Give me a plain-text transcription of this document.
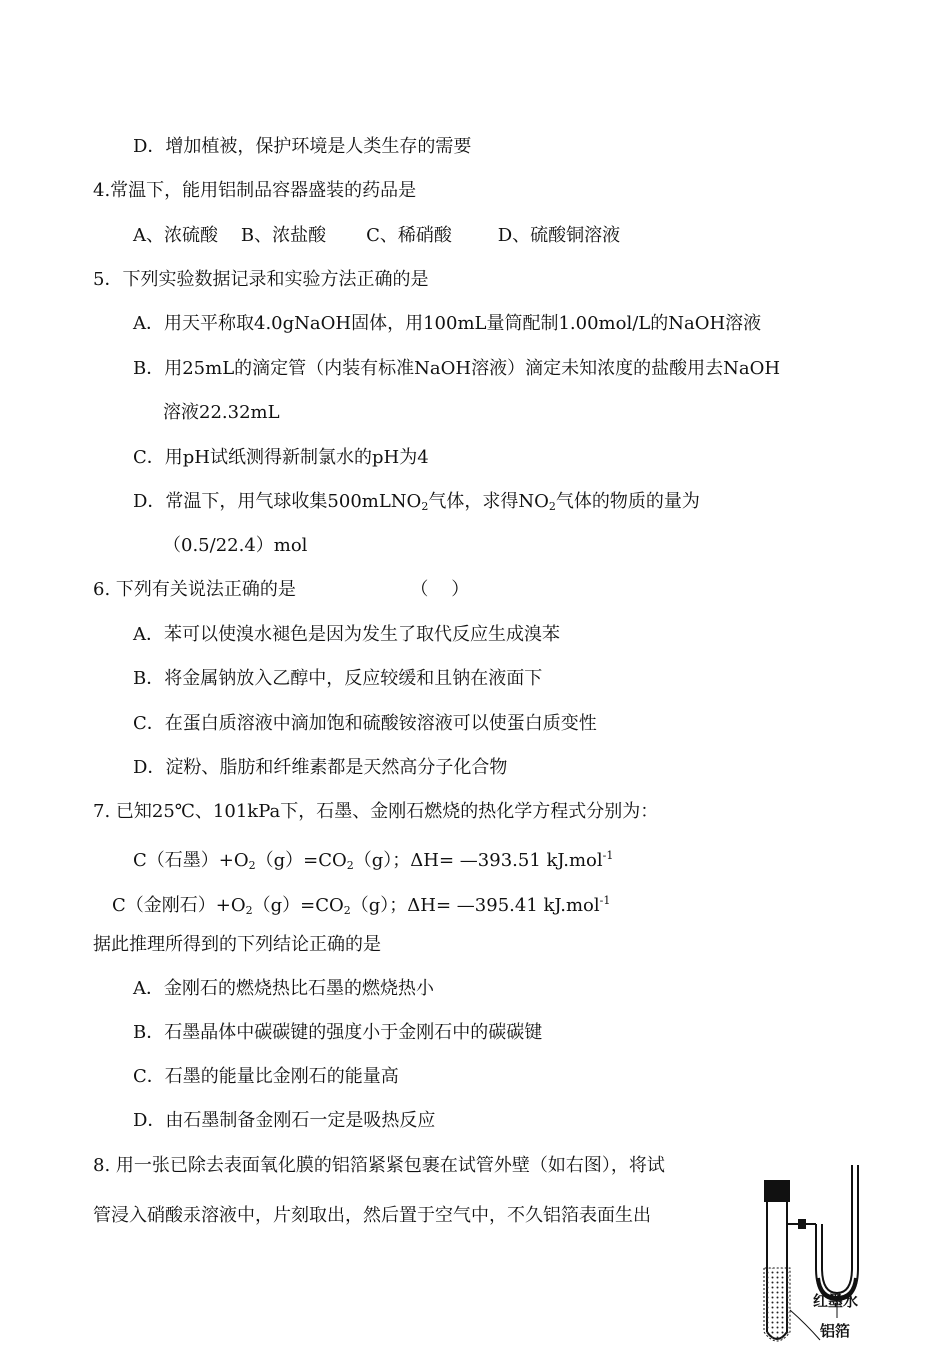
D．增加植被，保护环境是人类生存的需要
4.常温下，能用铝制品容器盛装的药品是
A、浓硫酸    B、浓盐酸       C、稀硝酸        D、硫酸铜溶液
5．下列实验数据记录和实验方法正确的是
A．用天平称取4.0gNaOH固体，用100mL量筒配制1.00mol/L的NaOH溶液
B．用25mL的滴定管（内装有标准NaOH溶液）滴定未知浓度的盐酸用去NaOH
溶液22.32mL
C．用pH试纸测得新制氯水的pH为4
D．常温下，用气球收集500mLNO$_2$气体，求得$NO_2$气体的物质的量为
（0.5/22.4）mol
6. 下列有关说法正确的是                    （    ）
A．苯可以使溴水褪色是因为发生了取代反应生成溴苯
B．将金属钠放入乙醇中，反应较缓和且钠在液面下
C．在蛋白质溶液中滴加饱和硫酸铵溶液可以使蛋白质变性
D．淀粉、脂肪和纤维素都是天然高分子化合物
7. 已知25℃、101kPa下，石墨、金刚石燃烧的热化学方程式分别为：
C（石墨）$+O_2(g)=CO_2(g)$；ΔH= —393.51 kJ.mol$^{-1}$
C（金刚石）$+O_2(g)=CO_2(g)$；ΔH= —395.41 kJ.mol$^{-1}$
据此推理所得到的下列结论正确的是
A．金刚石的燃烧热比石墨的燃烧热小
B．石墨晶体中碳碳键的强度小于金刚石中的碳碳键
C．石墨的能量比金刚石的能量高
D．由石墨制备金刚石一定是吸热反应
8. 用一张已除去表面氧化膜的铝箔紧紧包裹在试管外壁（如右图），将试
管浸入硝酸汞溶液中，片刻取出，然后置于空气中，不久铝箔表面生出
红墨水
铝箔
